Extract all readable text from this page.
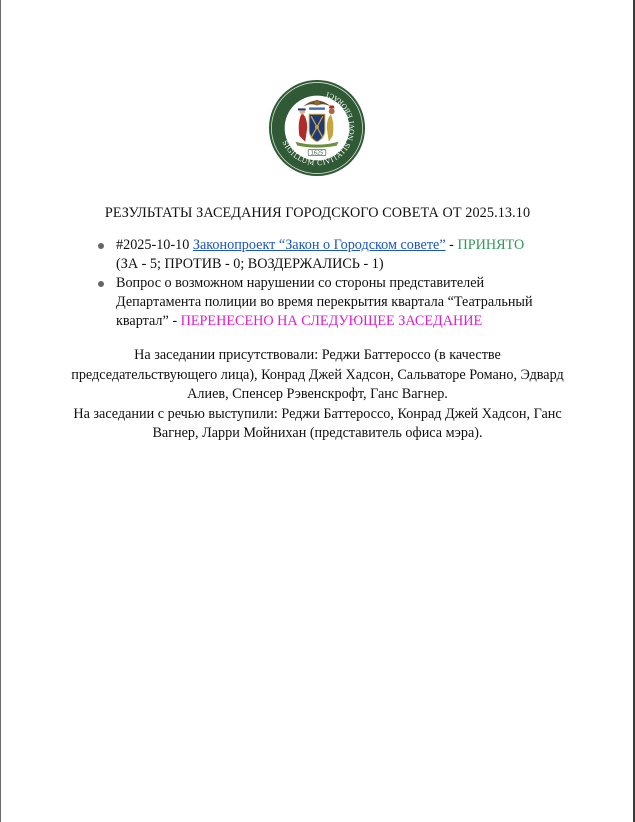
SIGILLUM CIVITATIS NOVI EBORACI
1625
РЕЗУЛЬТАТЫ ЗАСЕДАНИЯ ГОРОДСКОГО СОВЕТА ОТ 2025.13.10
#2025-10-10 Законопроект “Закон о Городском совете” - ПРИНЯТО
(ЗА - 5; ПРОТИВ - 0; ВОЗДЕРЖАЛИСЬ - 1)
Вопрос о возможном нарушении со стороны представителей Департамента полиции во время перекрытия квартала “Театральный квартал” - ПЕРЕНЕСЕНО НА СЛЕДУЮЩЕЕ ЗАСЕДАНИЕ

На заседании присутствовали: Реджи Баттеросcо (в качестве председательствующего лица), Конрад Джей Хадсон, Сальваторе Романо, Эдвард Алиев, Спенсер Рэвенскрофт, Ганс Вагнер.

На заседании с речью выступили: Реджи Баттеросcо, Конрад Джей Хадсон, Ганс Вагнер, Ларри Мойнихан (представитель офиса мэра).
